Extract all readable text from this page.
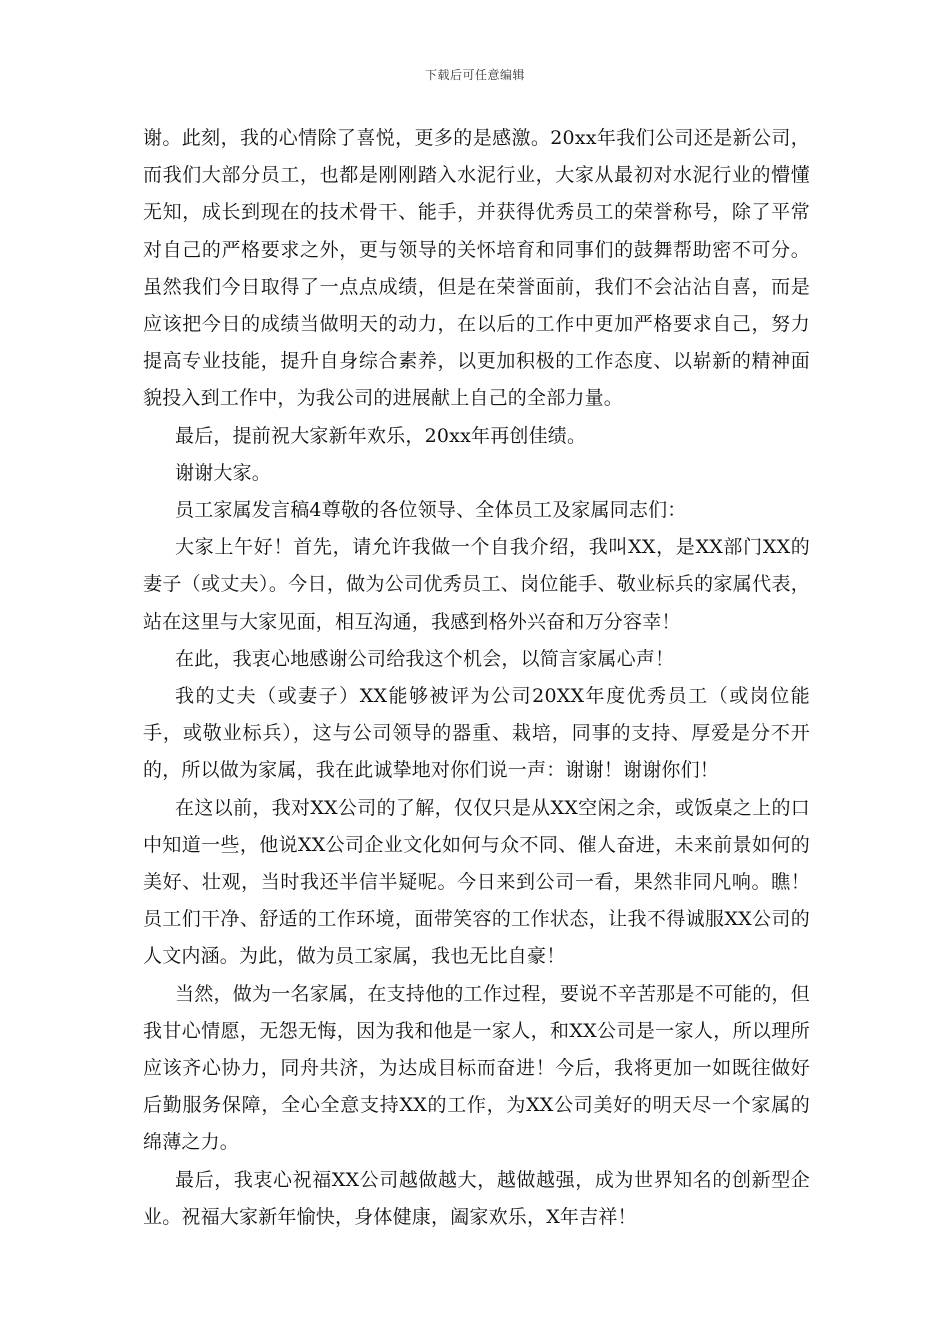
下载后可任意编辑

谢。此刻，我的心情除了喜悦，更多的是感激。20xx年我们公司还是新公司，而我们大部分员工，也都是刚刚踏入水泥行业，大家从最初对水泥行业的懵懂无知，成长到现在的技术骨干、能手，并获得优秀员工的荣誉称号，除了平常对自己的严格要求之外，更与领导的关怀培育和同事们的鼓舞帮助密不可分。虽然我们今日取得了一点点成绩，但是在荣誉面前，我们不会沾沾自喜，而是应该把今日的成绩当做明天的动力，在以后的工作中更加严格要求自己，努力提高专业技能，提升自身综合素养，以更加积极的工作态度、以崭新的精神面貌投入到工作中，为我公司的进展献上自己的全部力量。

最后，提前祝大家新年欢乐，20xx年再创佳绩。

谢谢大家。

员工家属发言稿4尊敬的各位领导、全体员工及家属同志们：

大家上午好！首先，请允许我做一个自我介绍，我叫XX，是XX部门XX的妻子（或丈夫）。今日，做为公司优秀员工、岗位能手、敬业标兵的家属代表，站在这里与大家见面，相互沟通，我感到格外兴奋和万分容幸！

在此，我衷心地感谢公司给我这个机会，以简言家属心声！

我的丈夫（或妻子）XX能够被评为公司20XX年度优秀员工（或岗位能手，或敬业标兵），这与公司领导的器重、栽培，同事的支持、厚爱是分不开的，所以做为家属，我在此诚挚地对你们说一声：谢谢！谢谢你们！

在这以前，我对XX公司的了解，仅仅只是从XX空闲之余，或饭桌之上的口中知道一些，他说XX公司企业文化如何与众不同、催人奋进，未来前景如何的美好、壮观，当时我还半信半疑呢。今日来到公司一看，果然非同凡响。瞧！员工们干净、舒适的工作环境，面带笑容的工作状态，让我不得诚服XX公司的人文内涵。为此，做为员工家属，我也无比自豪！

当然，做为一名家属，在支持他的工作过程，要说不辛苦那是不可能的，但我甘心情愿，无怨无悔，因为我和他是一家人，和XX公司是一家人，所以理所应该齐心协力，同舟共济，为达成目标而奋进！今后，我将更加一如既往做好后勤服务保障，全心全意支持XX的工作，为XX公司美好的明天尽一个家属的绵薄之力。

最后，我衷心祝福XX公司越做越大，越做越强，成为世界知名的创新型企业。祝福大家新年愉快，身体健康，阖家欢乐，X年吉祥！
